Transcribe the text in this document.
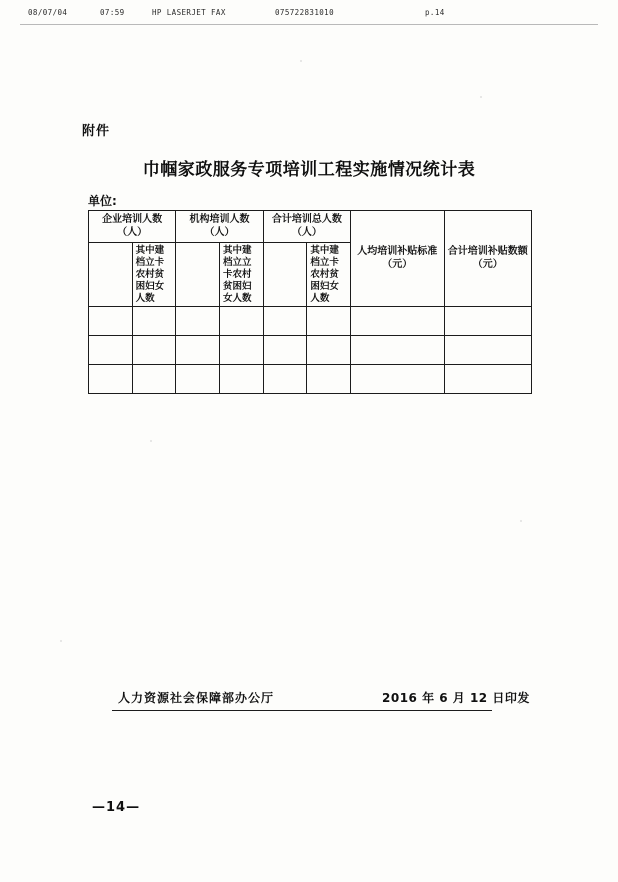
08/07/04	07:59	HP LASERJET FAX	075722831010	p.14
附件
巾帼家政服务专项培训工程实施情况统计表
单位:
企业培训人数（人）		机构培训人数（人）		合计培训总人数（人）		人均培训补贴标准（元）	合计培训补贴数额（元）
	其中建档立卡农村贫困妇女人数		其中建档立立卡农村贫困妇女人数		其中建档立卡农村贫困妇女人数		

人力资源社会保障部办公厅	2016 年 6 月 12 日印发
—14—
